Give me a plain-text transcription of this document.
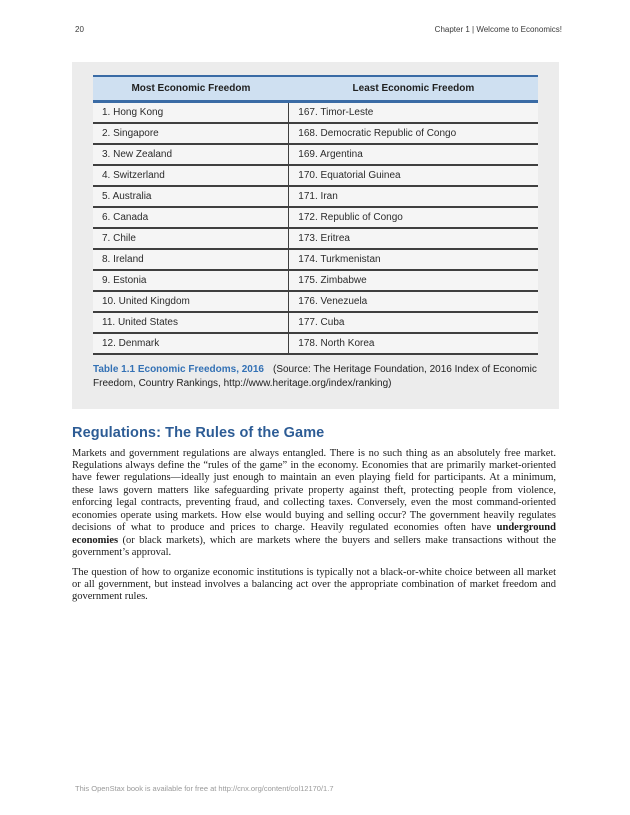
20	Chapter 1 | Welcome to Economics!
Most Economic Freedom	Least Economic Freedom
1. Hong Kong	167. Timor-Leste
2. Singapore	168. Democratic Republic of Congo
3. New Zealand	169. Argentina
4. Switzerland	170. Equatorial Guinea
5. Australia	171. Iran
6. Canada	172. Republic of Congo
7. Chile	173. Eritrea
8. Ireland	174. Turkmenistan
9. Estonia	175. Zimbabwe
10. United Kingdom	176. Venezuela
11. United States	177. Cuba
12. Denmark	178. North Korea
Table 1.1 Economic Freedoms, 2016 (Source: The Heritage Foundation, 2016 Index of Economic Freedom, Country Rankings, http://www.heritage.org/index/ranking)
Regulations: The Rules of the Game

Markets and government regulations are always entangled. There is no such thing as an absolutely free market. Regulations always define the “rules of the game” in the economy. Economies that are primarily market-oriented have fewer regulations—ideally just enough to maintain an even playing field for participants. At a minimum, these laws govern matters like safeguarding private property against theft, protecting people from violence, enforcing legal contracts, preventing fraud, and collecting taxes. Conversely, even the most command-oriented economies operate using markets. How else would buying and selling occur? The government heavily regulates decisions of what to produce and prices to charge. Heavily regulated economies often have underground economies (or black markets), which are markets where the buyers and sellers make transactions without the government’s approval.

The question of how to organize economic institutions is typically not a black-or-white choice between all market or all government, but instead involves a balancing act over the appropriate combination of market freedom and government rules.

This OpenStax book is available for free at http://cnx.org/content/col12170/1.7
